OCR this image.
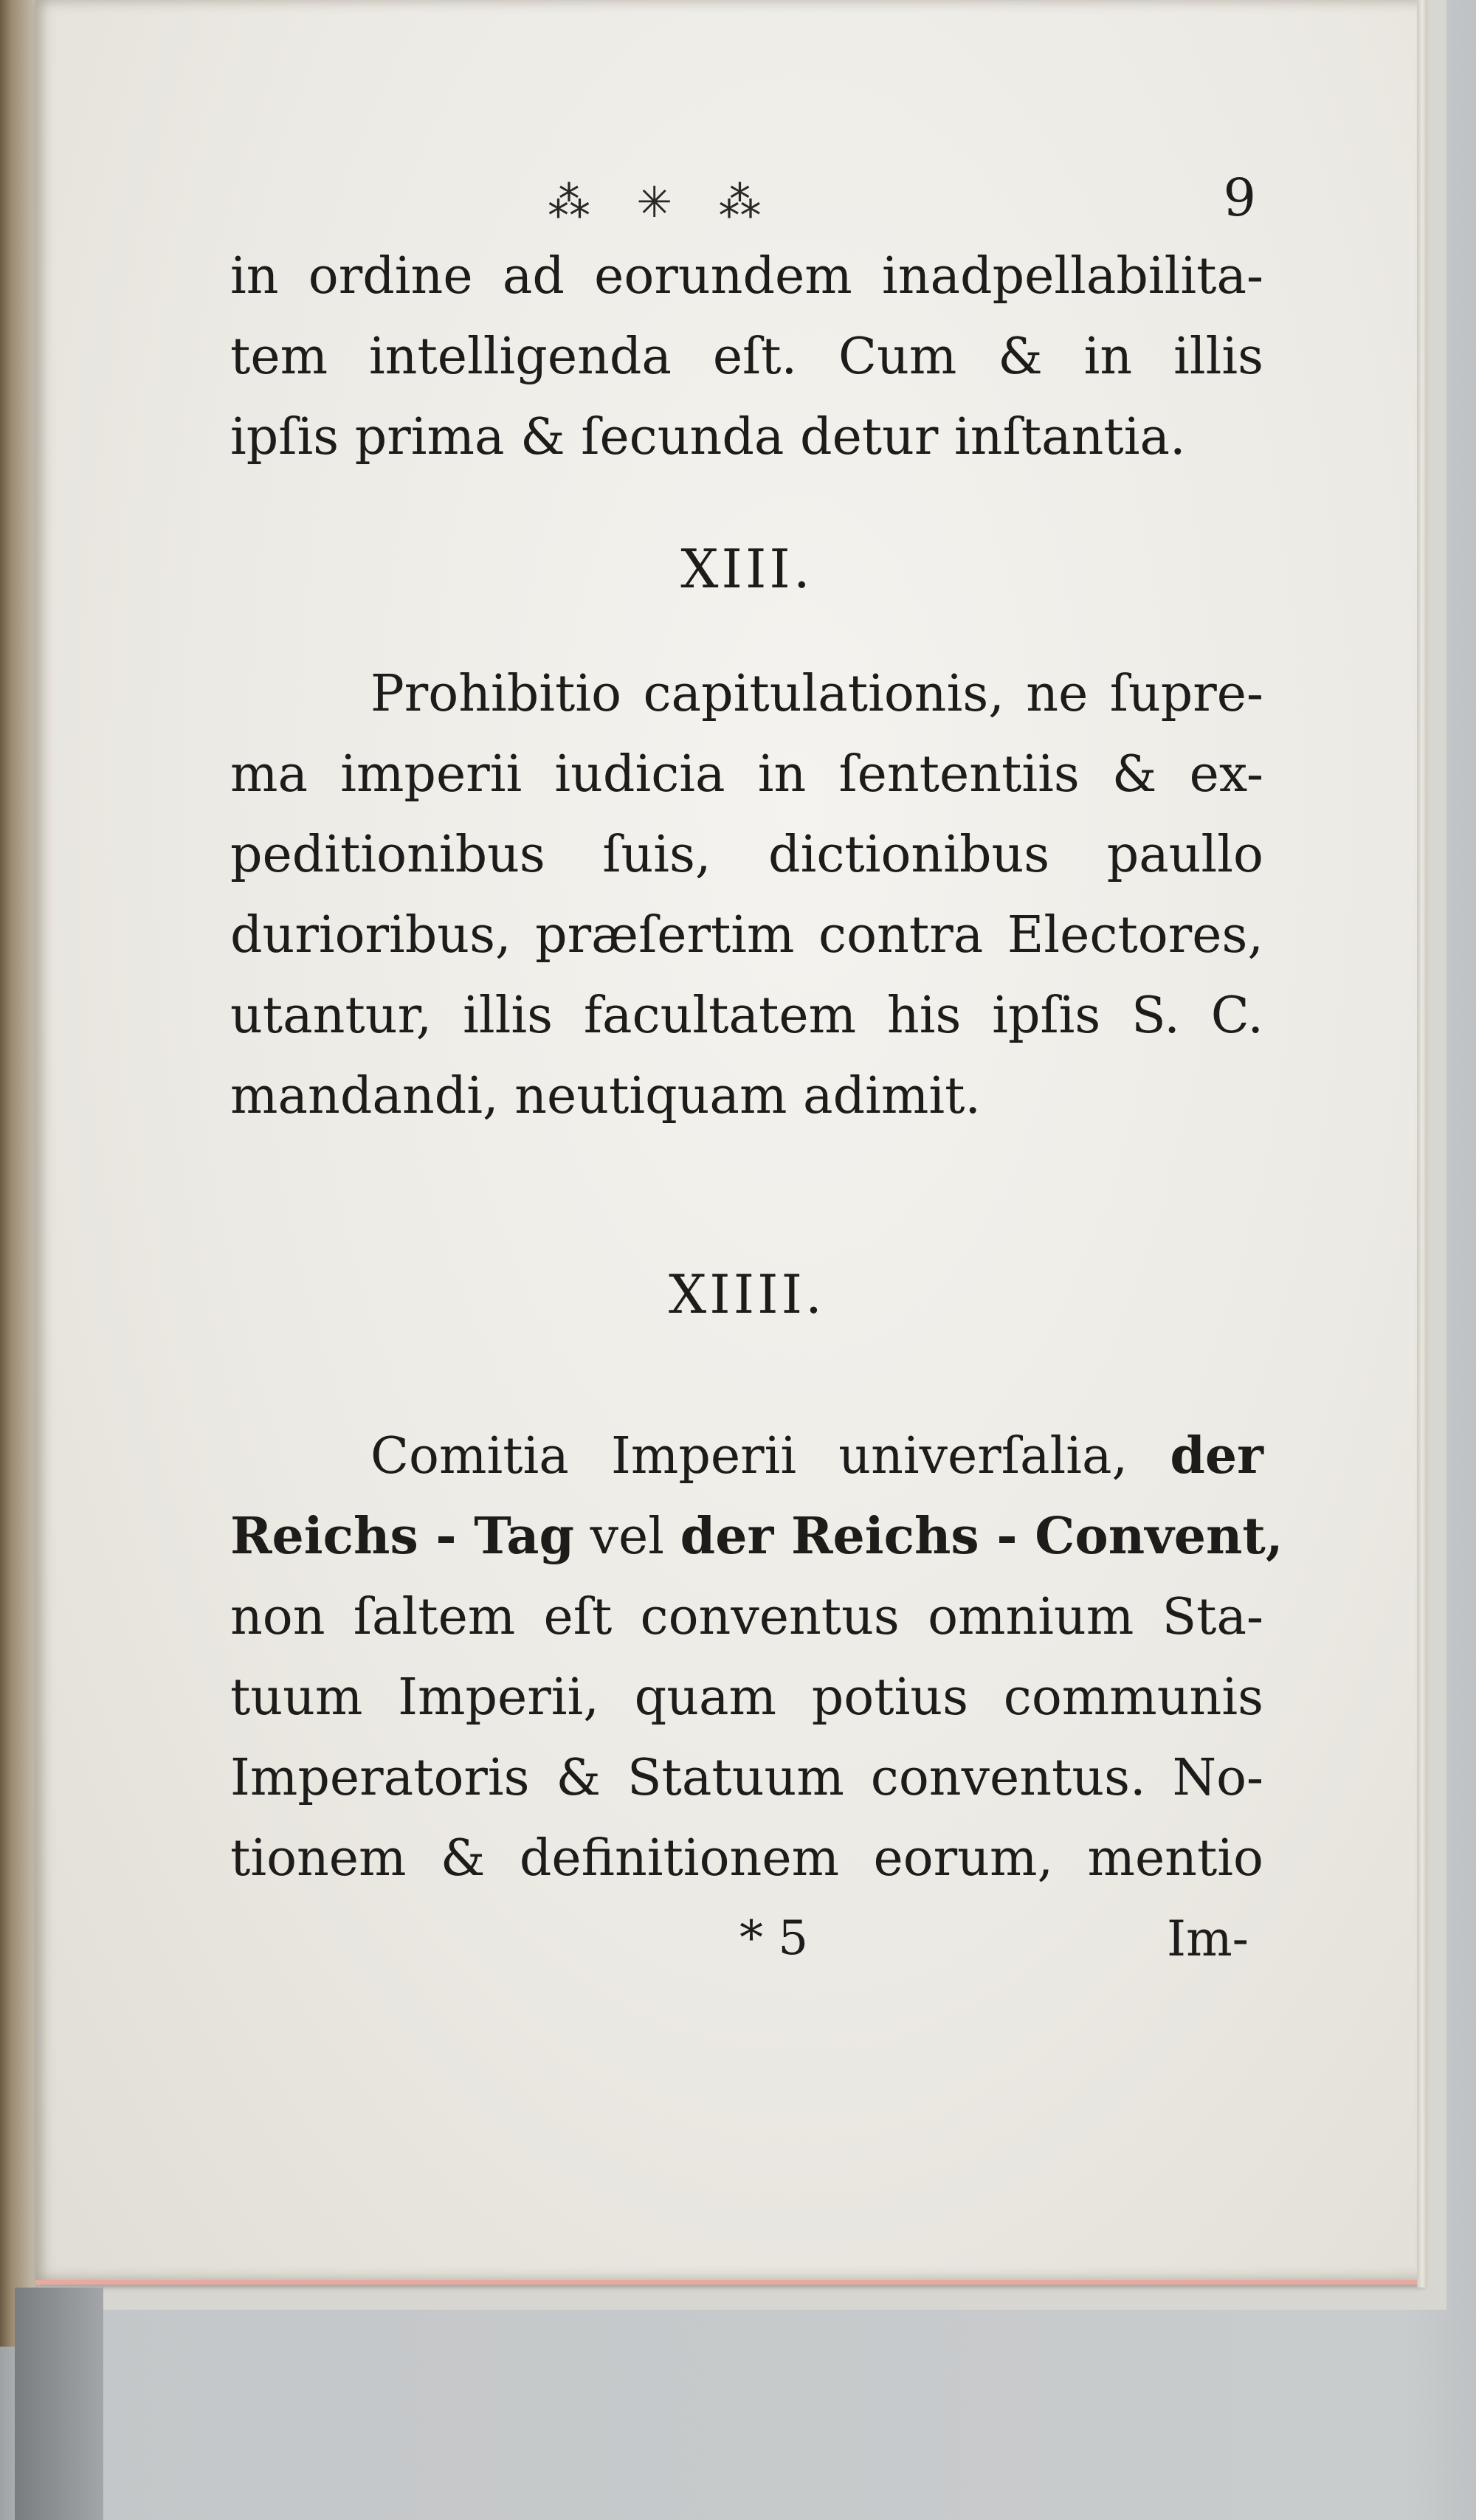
⁂ ✳ ⁂	9
in ordine ad eorundem inadpellabilita-
tem intelligenda eſt. Cum & in illis
ipſis prima & ſecunda detur inſtantia.
XIII.
Prohibitio capitulationis, ne ſupre-
ma imperii iudicia in ſententiis & ex-
peditionibus ſuis, dictionibus paullo
durioribus, præſertim contra Electores,
utantur, illis facultatem his ipſis S. C.
mandandi, neutiquam adimit.
XIIII.
Comitia Imperii univerſalia, der
Reichs - Tag vel der Reichs - Convent,
non ſaltem eſt conventus omnium Sta-
tuum Imperii, quam potius communis
Imperatoris & Statuum conventus. No-
tionem & definitionem eorum, mentio
* 5	Im-
